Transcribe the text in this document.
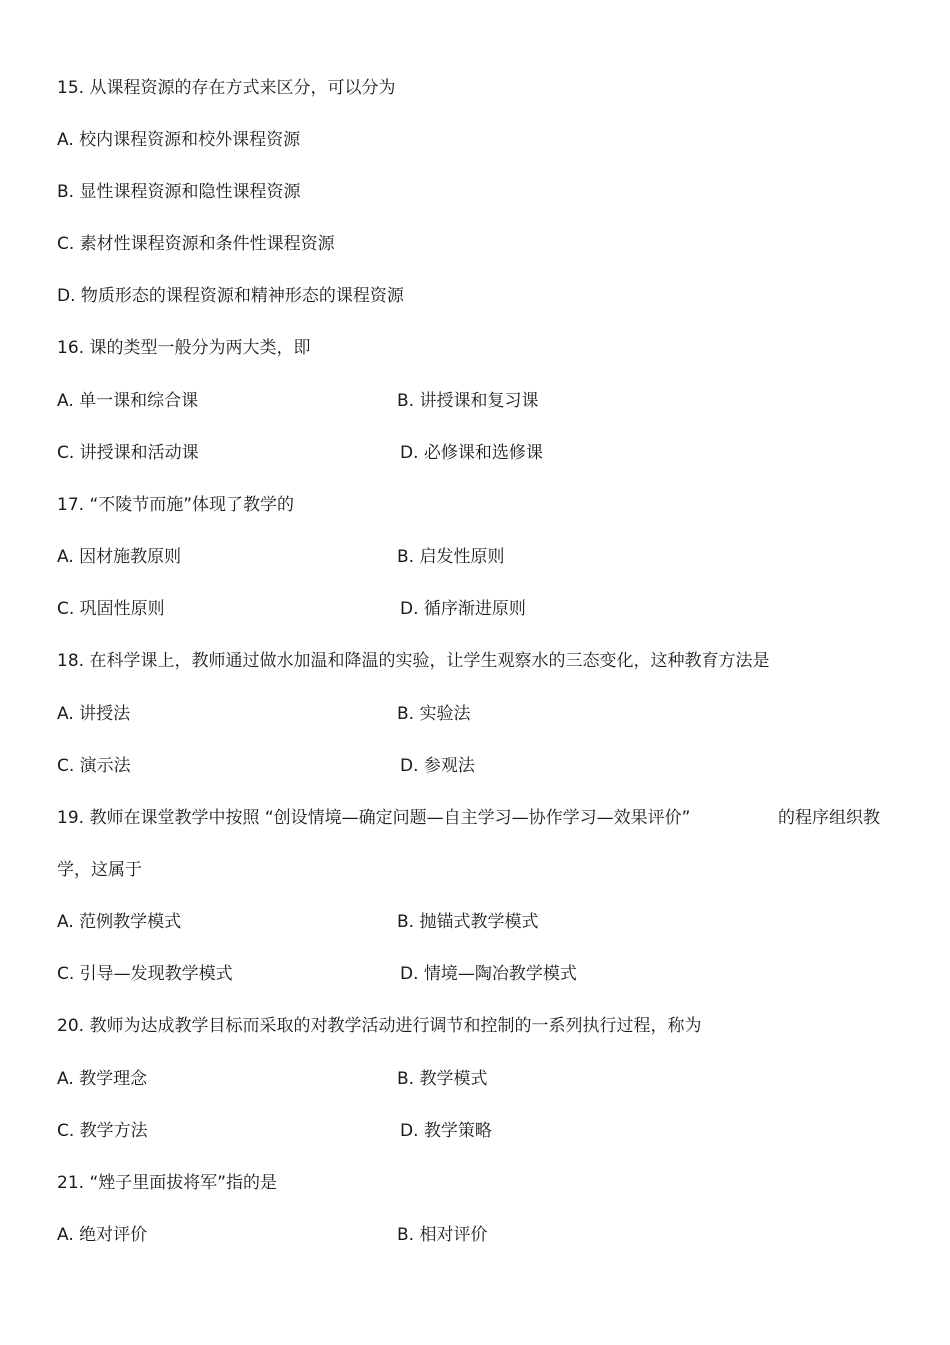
15. 从课程资源的存在方式来区分，可以分为
A. 校内课程资源和校外课程资源
B. 显性课程资源和隐性课程资源
C. 素材性课程资源和条件性课程资源
D. 物质形态的课程资源和精神形态的课程资源
16. 课的类型一般分为两大类，即
A. 单一课和综合课	B. 讲授课和复习课
C. 讲授课和活动课	D. 必修课和选修课
17. “不陵节而施”体现了教学的
A. 因材施教原则	B. 启发性原则
C. 巩固性原则	D. 循序渐进原则
18. 在科学课上，教师通过做水加温和降温的实验，让学生观察水的三态变化，这种教育方法是
A. 讲授法	B. 实验法
C. 演示法	D. 参观法
19. 教师在课堂教学中按照 “创设情境—确定问题—自主学习—协作学习—效果评价”	的程序组织教
学，这属于
A. 范例教学模式	B. 抛锚式教学模式
C. 引导—发现教学模式	D. 情境—陶冶教学模式
20. 教师为达成教学目标而采取的对教学活动进行调节和控制的一系列执行过程，称为
A. 教学理念	B. 教学模式
C. 教学方法	D. 教学策略
21. “矬子里面拔将军”指的是
A. 绝对评价	B. 相对评价
